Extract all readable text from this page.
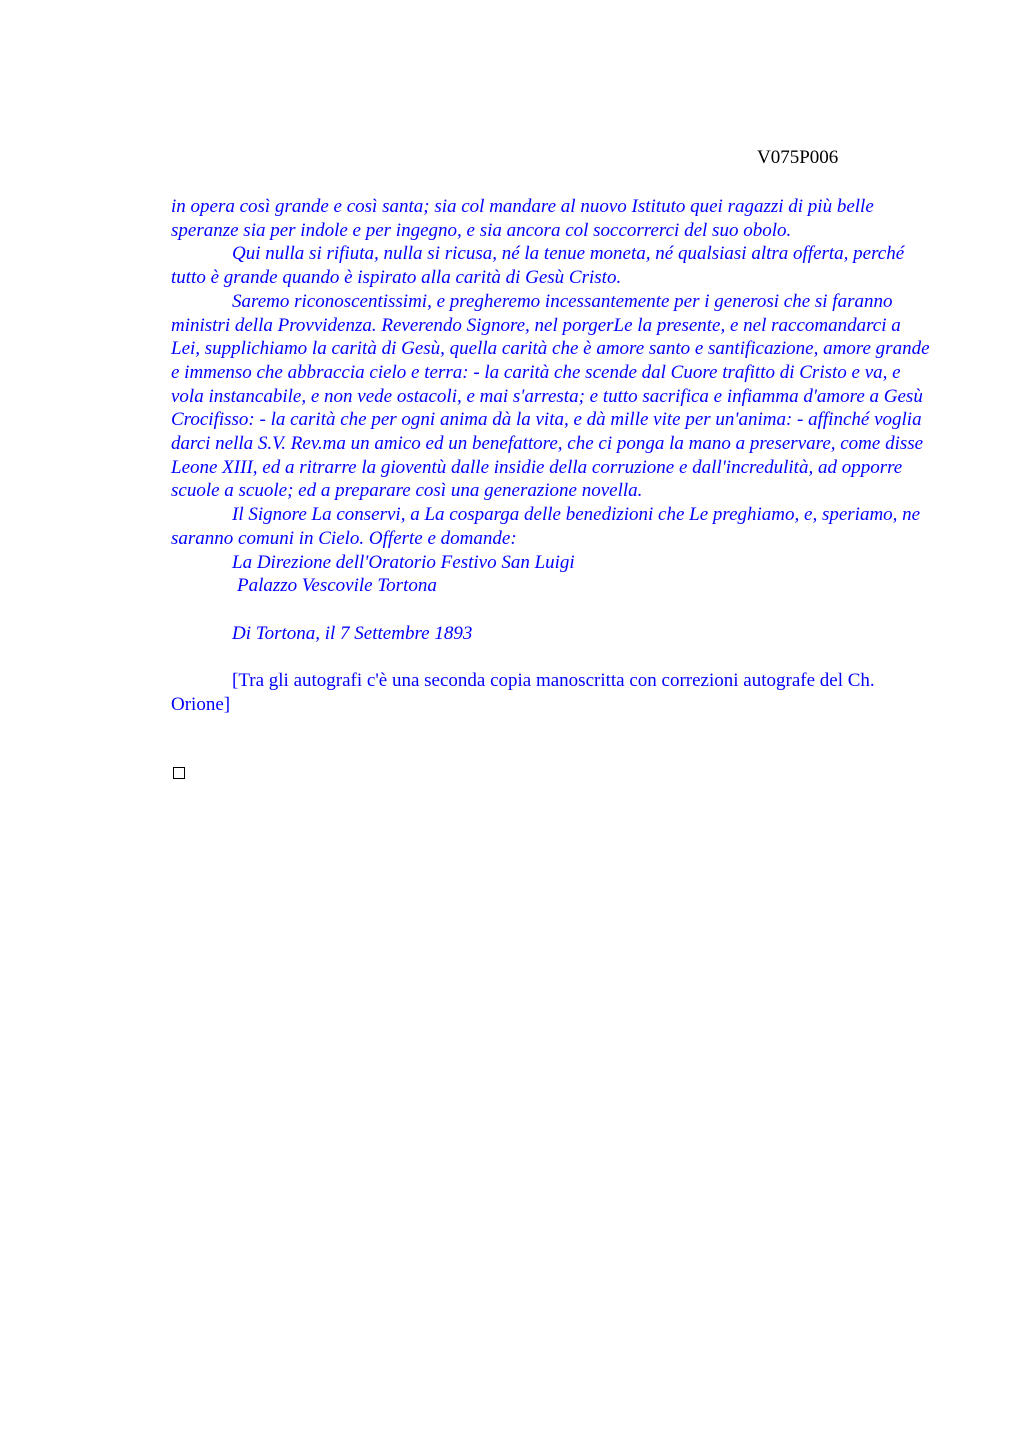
V075P006

in opera così grande e così santa; sia col mandare al nuovo Istituto quei ragazzi di più belle speranze sia per indole e per ingegno, e sia ancora col soccorrerci del suo obolo.

Qui nulla si rifiuta, nulla si ricusa, né la tenue moneta, né qualsiasi altra offerta, perché tutto è grande quando è ispirato alla carità di Gesù Cristo.

Saremo riconoscentissimi, e pregheremo incessantemente per i generosi che si faranno ministri della Provvidenza. Reverendo Signore, nel porgerLe la presente, e nel raccomandarci a Lei, supplichiamo la carità di Gesù, quella carità che è amore santo e santificazione, amore grande e immenso che abbraccia cielo e terra: - la carità che scende dal Cuore trafitto di Cristo e va, e vola instancabile, e non vede ostacoli, e mai s'arresta; e tutto sacrifica e infiamma d'amore a Gesù Crocifisso: - la carità che per ogni anima dà la vita, e dà mille vite per un'anima: - affinché voglia darci nella S.V. Rev.ma un amico ed un benefattore, che ci ponga la mano a preservare, come disse Leone XIII, ed a ritrarre la gioventù dalle insidie della corruzione e dall'incredulità, ad opporre scuole a scuole; ed a preparare così una generazione novella.

Il Signore La conservi, a La cosparga delle benedizioni che Le preghiamo, e, speriamo, ne saranno comuni in Cielo. Offerte e domande:

La Direzione dell'Oratorio Festivo San Luigi

Palazzo Vescovile Tortona

Di Tortona, il 7 Settembre 1893

[Tra gli autografi c'è una seconda copia manoscritta con correzioni autografe del Ch. Orione]
